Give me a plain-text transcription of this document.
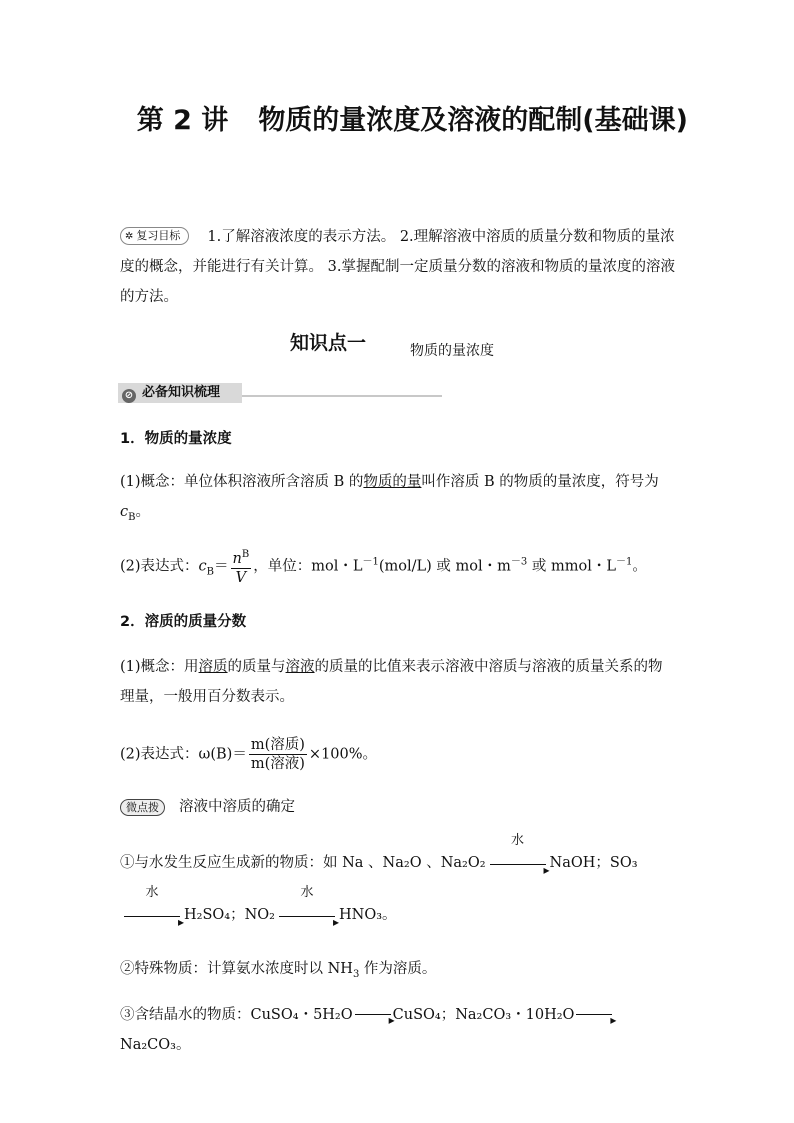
第 2 讲 物质的量浓度及溶液的配制(基础课)
✲ 复习目标 1.了解溶液浓度的表示方法。 2.理解溶液中溶质的质量分数和物质的量浓度的概念，并能进行有关计算。 3.掌握配制一定质量分数的溶液和物质的量浓度的溶液的方法。
知识点一	物质的量浓度
⊘ 必备知识梳理
1．物质的量浓度
(1)概念：单位体积溶液所含溶质 B 的物质的量叫作溶质 B 的物质的量浓度，符号为$c_B$。
(2)表达式：$c_B= \frac{n^B}{V}$ ，单位：mol・$L^{-1}(mol/L)$ 或 mol・$m^{-3}$ 或 mmol・$L^{-1}$。
2．溶质的质量分数
(1)概念：用溶质的质量与溶液的质量的比值来表示溶液中溶质与溶液的质量关系的物理量，一般用百分数表示。
(2)表达式：$\omega(B)= \frac{\text{m(溶质)}}{\text{m(溶液)}} \times 100\%$。
微点拨 溶液中溶质的确定
①与水发生反应生成新的物质：如 Na 、Na₂O 、Na₂O₂
水
▸NaOH；SO₃
水
▸H₂SO₄；NO₂
水
▸HNO₃。
②特殊物质：计算氨水浓度时以 $NH_3$ 作为溶质。
③含结晶水的物质：CuSO₄・5H₂O ▸	CuSO₄；Na₂CO₃・10H₂O▸Na₂CO₃。
